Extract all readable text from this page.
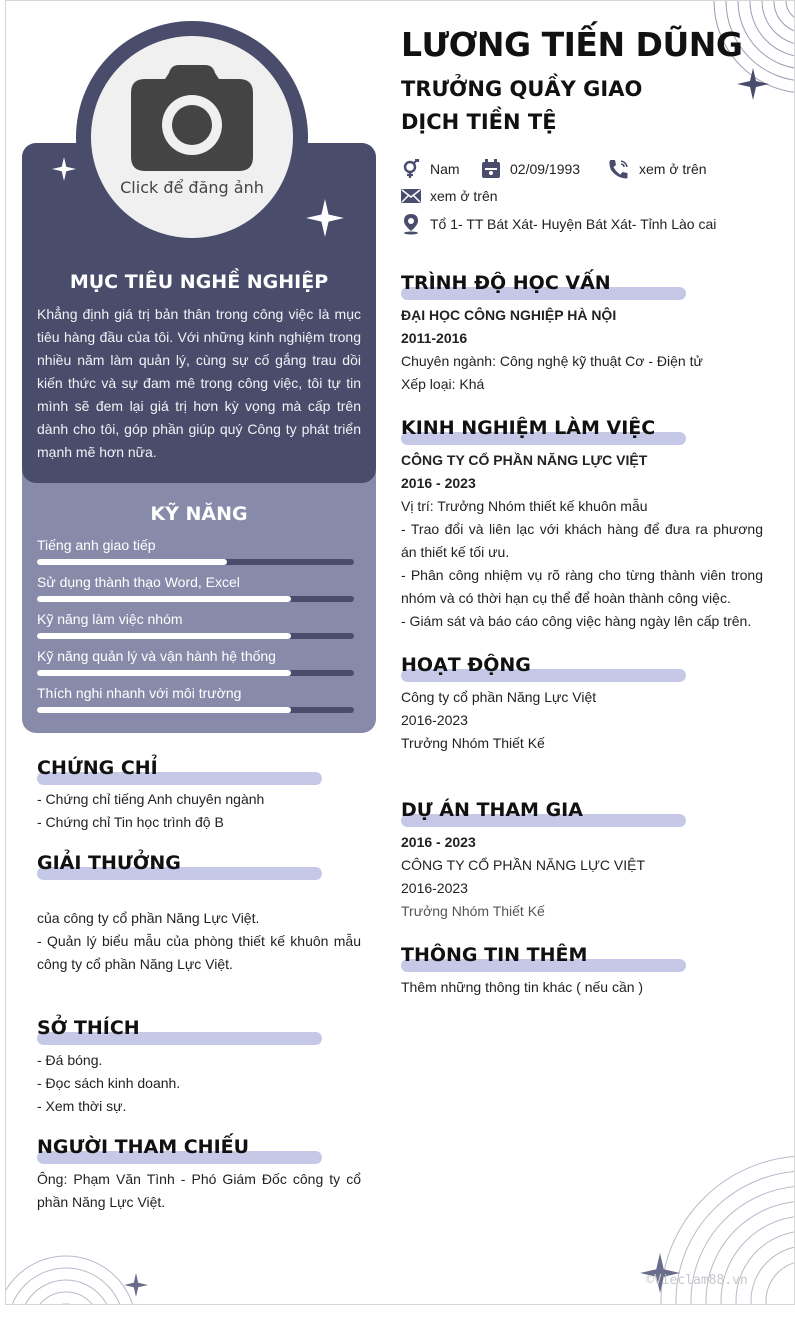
Click để đăng ảnh
MỤC TIÊU NGHỀ NGHIỆP
Khẳng định giá trị bản thân trong công việc là mục tiêu hàng đầu của tôi. Với những kinh nghiệm trong nhiều năm làm quản lý, cùng sự cố gắng trau dồi kiến thức và sự đam mê trong công việc, tôi tự tin mình sẽ đem lại giá trị hơn kỳ vọng mà cấp trên dành cho tôi, góp phần giúp quý Công ty phát triển mạnh mẽ hơn nữa.
KỸ NĂNG
Tiếng anh giao tiếp
Sử dụng thành thạo Word, Excel
Kỹ năng làm việc nhóm
Kỹ năng quản lý và vận hành hệ thống
Thích nghi nhanh với môi trường
CHỨNG CHỈ
- Chứng chỉ tiếng Anh chuyên ngành
- Chứng chỉ Tin học trình độ B
GIẢI THƯỞNG
của công ty cổ phần Năng Lực Việt.
- Quản lý biểu mẫu của phòng thiết kế khuôn mẫu công ty cổ phần Năng Lực Việt.
SỞ THÍCH
- Đá bóng.
- Đọc sách kinh doanh.
- Xem thời sự.
NGƯỜI THAM CHIẾU
Ông: Phạm Văn Tình - Phó Giám Đốc công ty cổ phần Năng Lực Việt.
LƯƠNG TIẾN DŨNG
TRƯỞNG QUẦY GIAO DỊCH TIỀN TỆ
Nam	02/09/1993	xem ở trên
xem ở trên
Tổ 1- TT Bát Xát- Huyện Bát Xát- Tỉnh Lào cai
TRÌNH ĐỘ HỌC VẤN
ĐẠI HỌC CÔNG NGHIỆP HÀ NỘI
2011-2016
Chuyên ngành: Công nghệ kỹ thuật Cơ - Điện tử
Xếp loại: Khá
KINH NGHIỆM LÀM VIỆC
CÔNG TY CỔ PHẦN NĂNG LỰC VIỆT
2016 - 2023
Vị trí: Trưởng Nhóm thiết kế khuôn mẫu
- Trao đổi và liên lạc với khách hàng để đưa ra phương án thiết kế tối ưu.
- Phân công nhiệm vụ rõ ràng cho từng thành viên trong nhóm và có thời hạn cụ thể để hoàn thành công việc.
- Giám sát và báo cáo công việc hàng ngày lên cấp trên.
HOẠT ĐỘNG
Công ty cổ phần Năng Lực Việt
2016-2023
Trưởng Nhóm Thiết Kế
DỰ ÁN THAM GIA
2016 - 2023
CÔNG TY CỔ PHẦN NĂNG LỰC VIỆT
2016-2023
Trưởng Nhóm Thiết Kế
THÔNG TIN THÊM
Thêm những thông tin khác ( nếu cần )
©Vieclam88.vn
